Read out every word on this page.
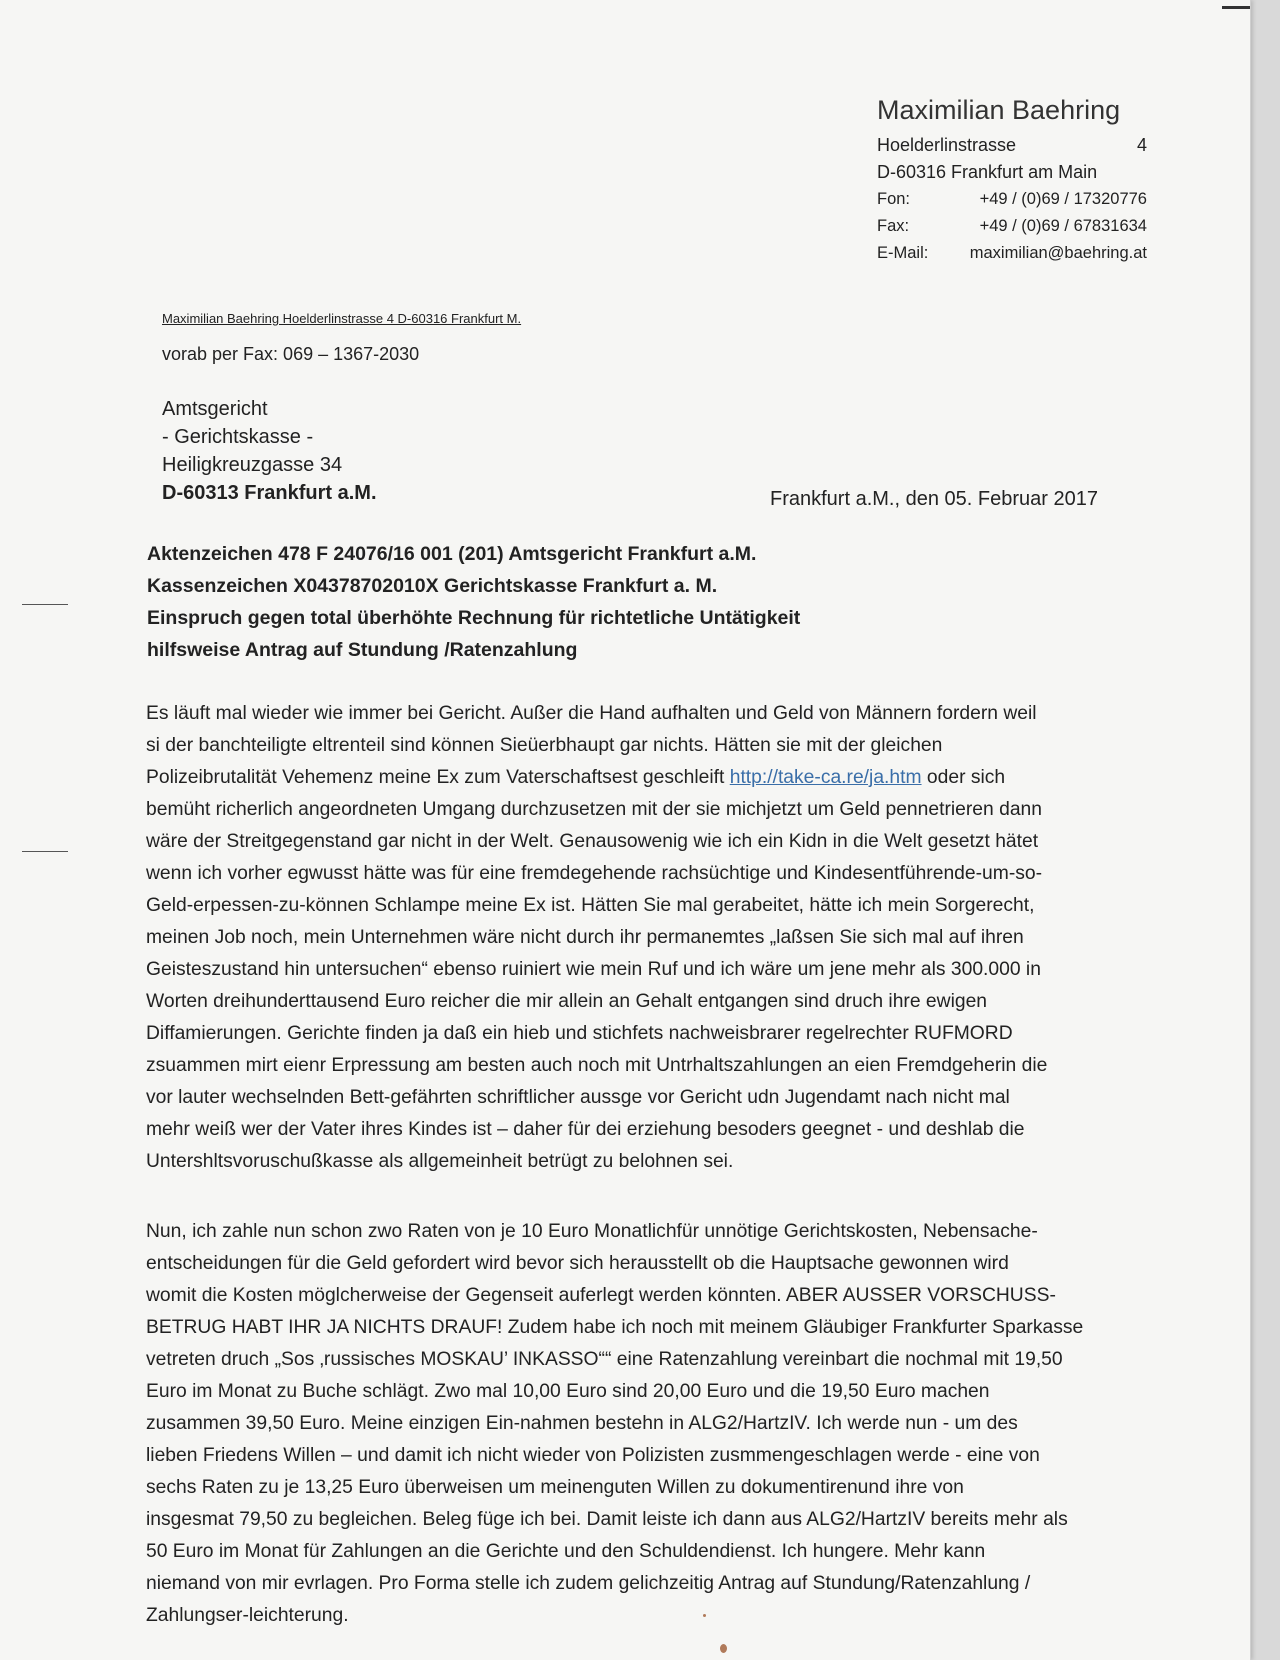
Maximilian Baehring
Hoelderlinstrasse	4
D-60316 Frankfurt am Main
Fon:	+49 / (0)69 / 17320776
Fax:	+49 / (0)69 / 67831634
E-Mail:	maximilian@baehring.at
Maximilian Baehring Hoelderlinstrasse 4 D-60316 Frankfurt M.
vorab per Fax: 069 – 1367-2030
Amtsgericht
- Gerichtskasse -
Heiligkreuzgasse 34
D-60313 Frankfurt a.M.	Frankfurt a.M., den 05. Februar 2017
Aktenzeichen 478 F 24076/16 001 (201) Amtsgericht Frankfurt a.M.
Kassenzeichen X04378702010X Gerichtskasse Frankfurt a. M.
Einspruch gegen total überhöhte Rechnung für richtetliche Untätigkeit
hilfsweise Antrag auf Stundung /Ratenzahlung
Es läuft mal wieder wie immer bei Gericht. Außer die Hand aufhalten und Geld von Männern fordern weil
si der banchteiligte eltrenteil sind können Sieüerbhaupt gar nichts. Hätten sie mit der gleichen
Polizeibrutalität Vehemenz meine Ex zum Vaterschaftsest geschleift http://take-ca.re/ja.htm oder sich
bemüht richerlich angeordneten Umgang durchzusetzen mit der sie michjetzt um Geld pennetrieren dann
wäre der Streitgegenstand gar nicht in der Welt. Genausowenig wie ich ein Kidn in die Welt gesetzt hätet
wenn ich vorher egwusst hätte was für eine fremdegehende rachsüchtige und Kindesentführende-um-so-
Geld-erpessen-zu-können Schlampe meine Ex ist. Hätten Sie mal gerabeitet, hätte ich mein Sorgerecht,
meinen Job noch, mein Unternehmen wäre nicht durch ihr permanemtes „laßsen Sie sich mal auf ihren
Geisteszustand hin untersuchen“ ebenso ruiniert wie mein Ruf und ich wäre um jene mehr als 300.000 in
Worten dreihunderttausend Euro reicher die mir allein an Gehalt entgangen sind druch ihre ewigen
Diffamierungen. Gerichte finden ja daß ein hieb und stichfets nachweisbrarer regelrechter RUFMORD
zsuammen mirt eienr Erpressung am besten auch noch mit Untrhaltszahlungen an eien Fremdgeherin die
vor lauter wechselnden Bett-gefährten schriftlicher aussge vor Gericht udn Jugendamt nach nicht mal
mehr weiß wer der Vater ihres Kindes ist – daher für dei erziehung besoders geegnet - und deshlab die
Untershltsvoruschußkasse als allgemeinheit betrügt zu belohnen sei.
Nun, ich zahle nun schon zwo Raten von je 10 Euro Monatlichfür unnötige Gerichtskosten, Nebensache-
entscheidungen für die Geld gefordert wird bevor sich herausstellt ob die Hauptsache gewonnen wird
womit die Kosten möglcherweise der Gegenseit auferlegt werden könnten. ABER AUSSER VORSCHUSS-
BETRUG HABT IHR JA NICHTS DRAUF! Zudem habe ich noch mit meinem Gläubiger Frankfurter Sparkasse
vetreten druch „Sos ‚russisches MOSKAU’ INKASSO““ eine Ratenzahlung vereinbart die nochmal mit 19,50
Euro im Monat zu Buche schlägt. Zwo mal 10,00 Euro sind 20,00 Euro und die 19,50 Euro machen
zusammen 39,50 Euro. Meine einzigen Ein-nahmen bestehn in ALG2/HartzIV. Ich werde nun - um des
lieben Friedens Willen – und damit ich nicht wieder von Polizisten zusmmengeschlagen werde - eine von
sechs Raten zu je 13,25 Euro überweisen um meinenguten Willen zu dokumentirenund ihre von
insgesmat 79,50 zu begleichen. Beleg füge ich bei. Damit leiste ich dann aus ALG2/HartzIV bereits mehr als
50 Euro im Monat für Zahlungen an die Gerichte und den Schuldendienst. Ich hungere. Mehr kann
niemand von mir evrlagen. Pro Forma stelle ich zudem gelichzeitig Antrag auf Stundung/Ratenzahlung /
Zahlungser-leichterung.
